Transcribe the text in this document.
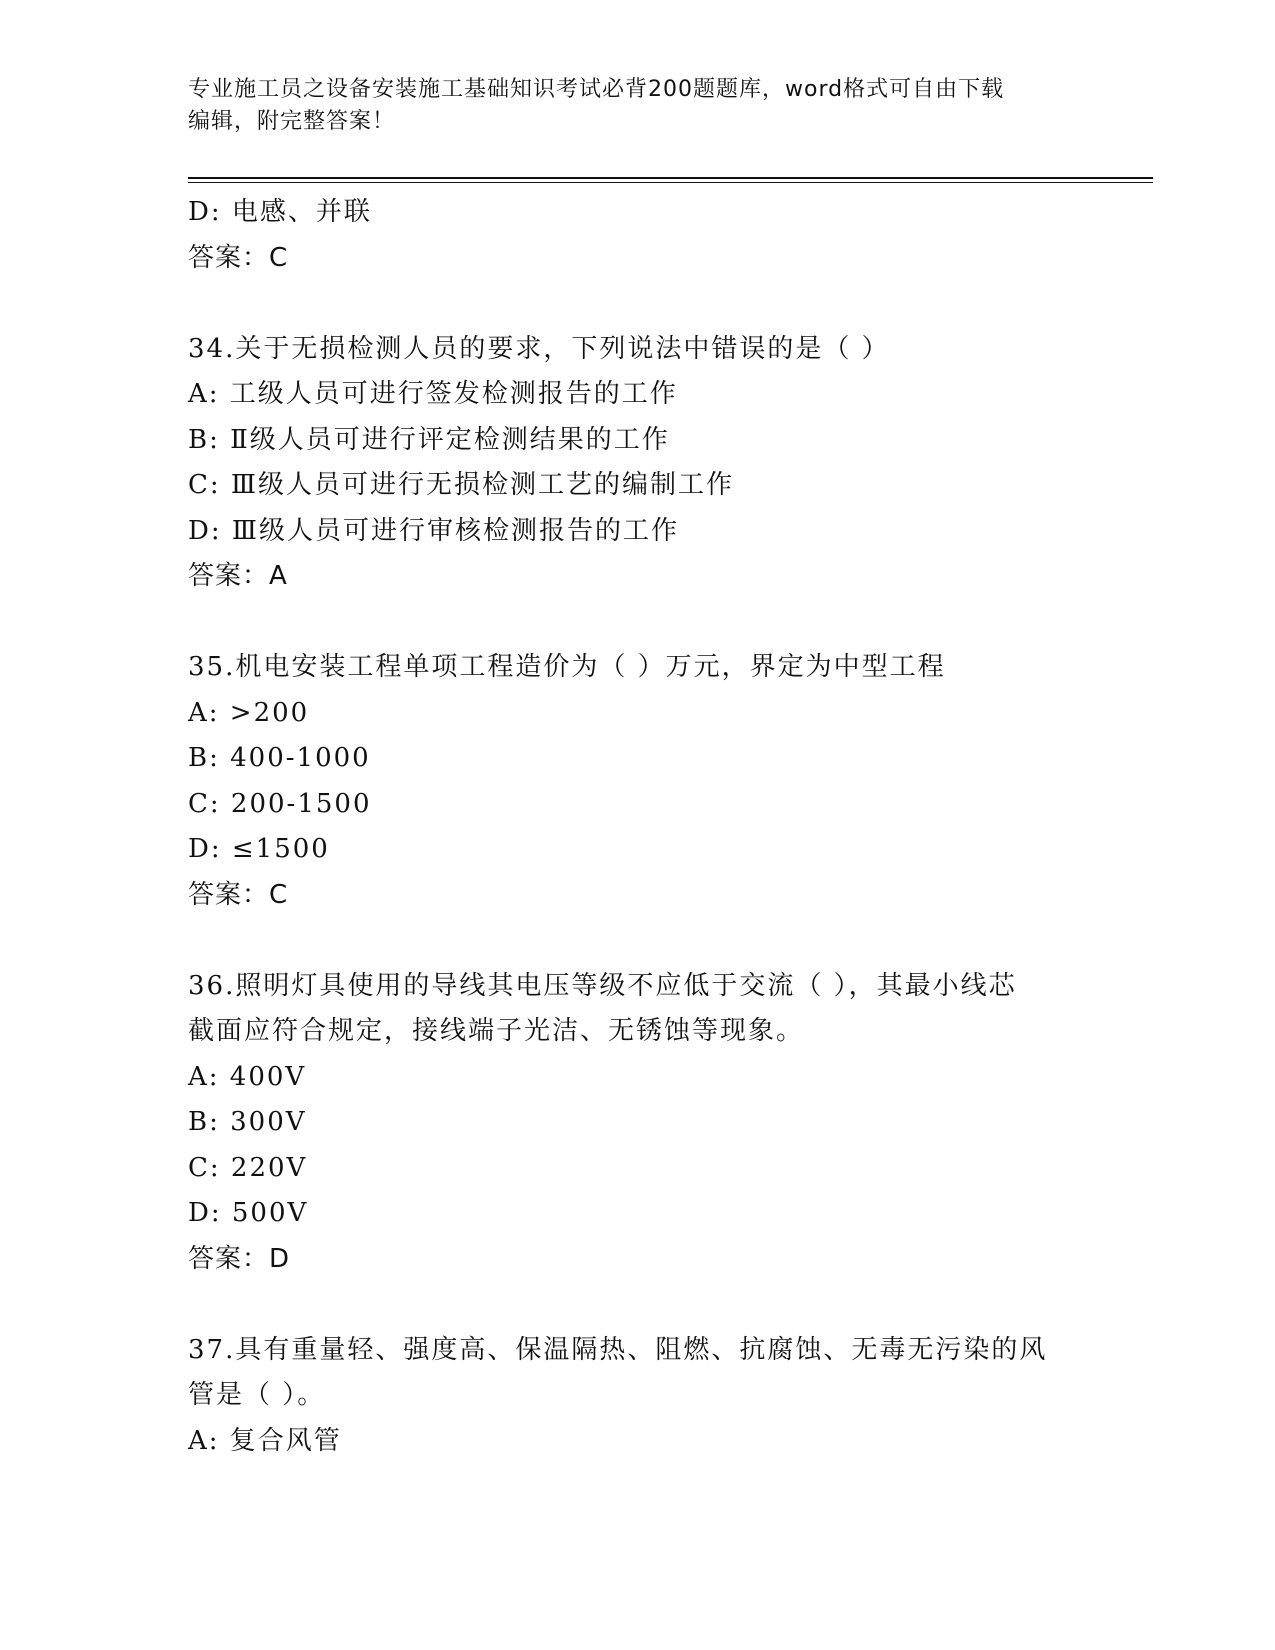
专业施工员之设备安装施工基础知识考试必背200题题库，word格式可自由下载
编辑，附完整答案！
D: 电感、并联
答案：C
34.关于无损检测人员的要求，下列说法中错误的是（ ）
A: 工级人员可进行签发检测报告的工作
B: Ⅱ级人员可进行评定检测结果的工作
C: Ⅲ级人员可进行无损检测工艺的编制工作
D: Ⅲ级人员可进行审核检测报告的工作
答案：A
35.机电安装工程单项工程造价为（ ）万元，界定为中型工程
A: >200
B: 400-1000
C: 200-1500
D: ≤1500
答案：C
36.照明灯具使用的导线其电压等级不应低于交流（ ），其最小线芯截面应符合规定，接线端子光洁、无锈蚀等现象。
A: 400V
B: 300V
C: 220V
D: 500V
答案：D
37.具有重量轻、强度高、保温隔热、阻燃、抗腐蚀、无毒无污染的风管是（ ）。
A: 复合风管
